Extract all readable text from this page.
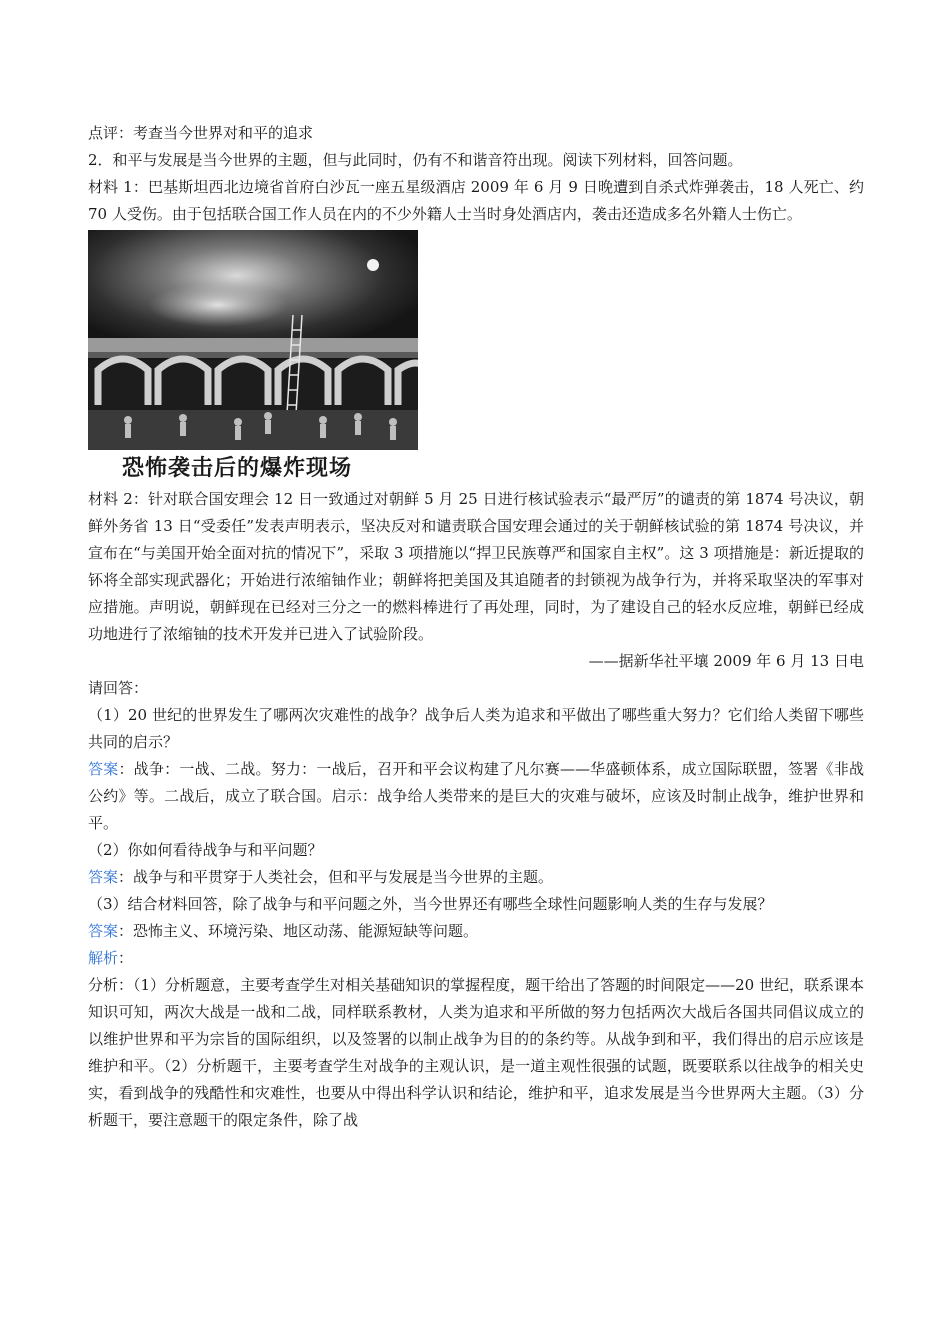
点评：考查当今世界对和平的追求

2．和平与发展是当今世界的主题，但与此同时，仍有不和谐音符出现。阅读下列材料，回答问题。

材料 1：巴基斯坦西北边境省首府白沙瓦一座五星级酒店 2009 年 6 月 9 日晚遭到自杀式炸弹袭击，18 人死亡、约 70 人受伤。由于包括联合国工作人员在内的不少外籍人士当时身处酒店内，袭击还造成多名外籍人士伤亡。

恐怖袭击后的爆炸现场

材料 2：针对联合国安理会 12 日一致通过对朝鲜 5 月 25 日进行核试验表示“最严厉”的谴责的第 1874 号决议，朝鲜外务省 13 日“受委任”发表声明表示，坚决反对和谴责联合国安理会通过的关于朝鲜核试验的第 1874 号决议，并宣布在“与美国开始全面对抗的情况下”，采取 3 项措施以“捍卫民族尊严和国家自主权”。这 3 项措施是：新近提取的钚将全部实现武器化；开始进行浓缩铀作业；朝鲜将把美国及其追随者的封锁视为战争行为，并将采取坚决的军事对应措施。声明说，朝鲜现在已经对三分之一的燃料棒进行了再处理，同时，为了建设自己的轻水反应堆，朝鲜已经成功地进行了浓缩铀的技术开发并已进入了试验阶段。

——据新华社平壤 2009 年 6 月 13 日电

请回答：

（1）20 世纪的世界发生了哪两次灾难性的战争？战争后人类为追求和平做出了哪些重大努力？它们给人类留下哪些共同的启示？

答案：战争：一战、二战。努力：一战后，召开和平会议构建了凡尔赛——华盛顿体系，成立国际联盟，签署《非战公约》等。二战后，成立了联合国。启示：战争给人类带来的是巨大的灾难与破坏，应该及时制止战争，维护世界和平。

（2）你如何看待战争与和平问题？

答案：战争与和平贯穿于人类社会，但和平与发展是当今世界的主题。

（3）结合材料回答，除了战争与和平问题之外，当今世界还有哪些全球性问题影响人类的生存与发展？

答案：恐怖主义、环境污染、地区动荡、能源短缺等问题。

解析：

分析：（1）分析题意，主要考查学生对相关基础知识的掌握程度，题干给出了答题的时间限定——20 世纪，联系课本知识可知，两次大战是一战和二战，同样联系教材，人类为追求和平所做的努力包括两次大战后各国共同倡议成立的以维护世界和平为宗旨的国际组织，以及签署的以制止战争为目的的条约等。从战争到和平，我们得出的启示应该是维护和平。（2）分析题干，主要考查学生对战争的主观认识，是一道主观性很强的试题，既要联系以往战争的相关史实，看到战争的残酷性和灾难性，也要从中得出科学认识和结论，维护和平，追求发展是当今世界两大主题。（3）分析题干，要注意题干的限定条件，除了战
